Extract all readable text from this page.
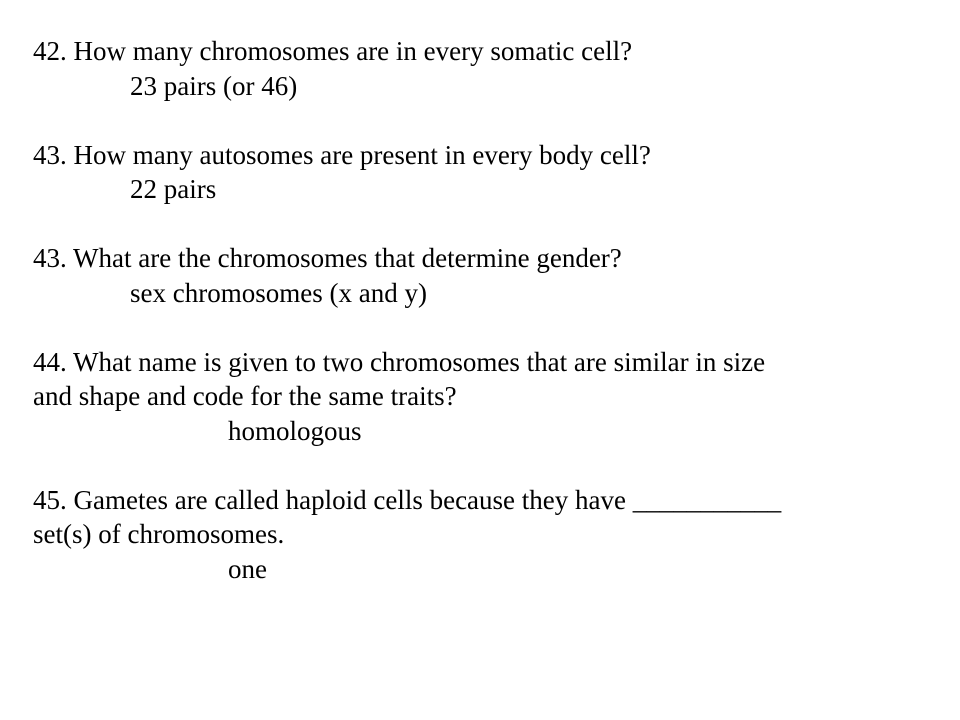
42. How many chromosomes are in every somatic cell?
23 pairs (or 46)
43. How many autosomes are present in every body cell?
22 pairs
43. What are the chromosomes that determine gender?
sex chromosomes (x and y)
44. What name is given to two chromosomes that are similar in size
and shape and code for the same traits?
homologous
45. Gametes are called haploid cells because they have ___________
set(s) of chromosomes.
one
